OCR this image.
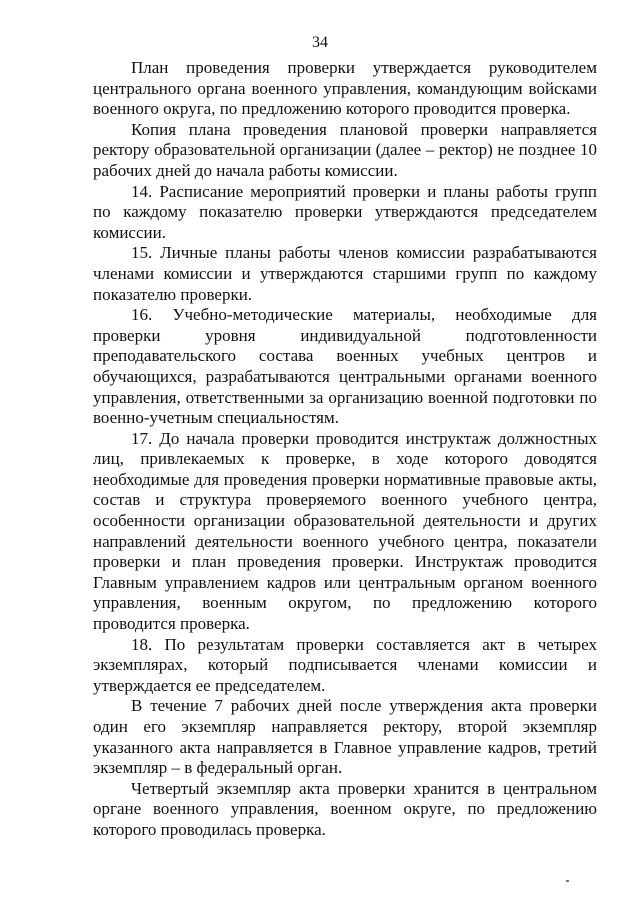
34

План проведения проверки утверждается руководителем центрального органа военного управления, командующим войсками военного округа, по предложению которого проводится проверка.

Копия плана проведения плановой проверки направляется ректору образовательной организации (далее – ректор) не позднее 10 рабочих дней до начала работы комиссии.

14. Расписание мероприятий проверки и планы работы групп по каждому показателю проверки утверждаются председателем комиссии.

15. Личные планы работы членов комиссии разрабатываются членами комиссии и утверждаются старшими групп по каждому показателю проверки.

16. Учебно-методические материалы, необходимые для проверки уровня индивидуальной подготовленности преподавательского состава военных учебных центров и обучающихся, разрабатываются центральными органами военного управления, ответственными за организацию военной подготовки по военно-учетным специальностям.

17. До начала проверки проводится инструктаж должностных лиц, привлекаемых к проверке, в ходе которого доводятся необходимые для проведения проверки нормативные правовые акты, состав и структура проверяемого военного учебного центра, особенности организации образовательной деятельности и других направлений деятельности военного учебного центра, показатели проверки и план проведения проверки. Инструктаж проводится Главным управлением кадров или центральным органом военного управления, военным округом, по предложению которого проводится проверка.

18. По результатам проверки составляется акт в четырех экземплярах, который подписывается членами комиссии и утверждается ее председателем.

В течение 7 рабочих дней после утверждения акта проверки один его экземпляр направляется ректору, второй экземпляр указанного акта направляется в Главное управление кадров, третий экземпляр – в федеральный орган.

Четвертый экземпляр акта проверки хранится в центральном органе военного управления, военном округе, по предложению которого проводилась проверка.
